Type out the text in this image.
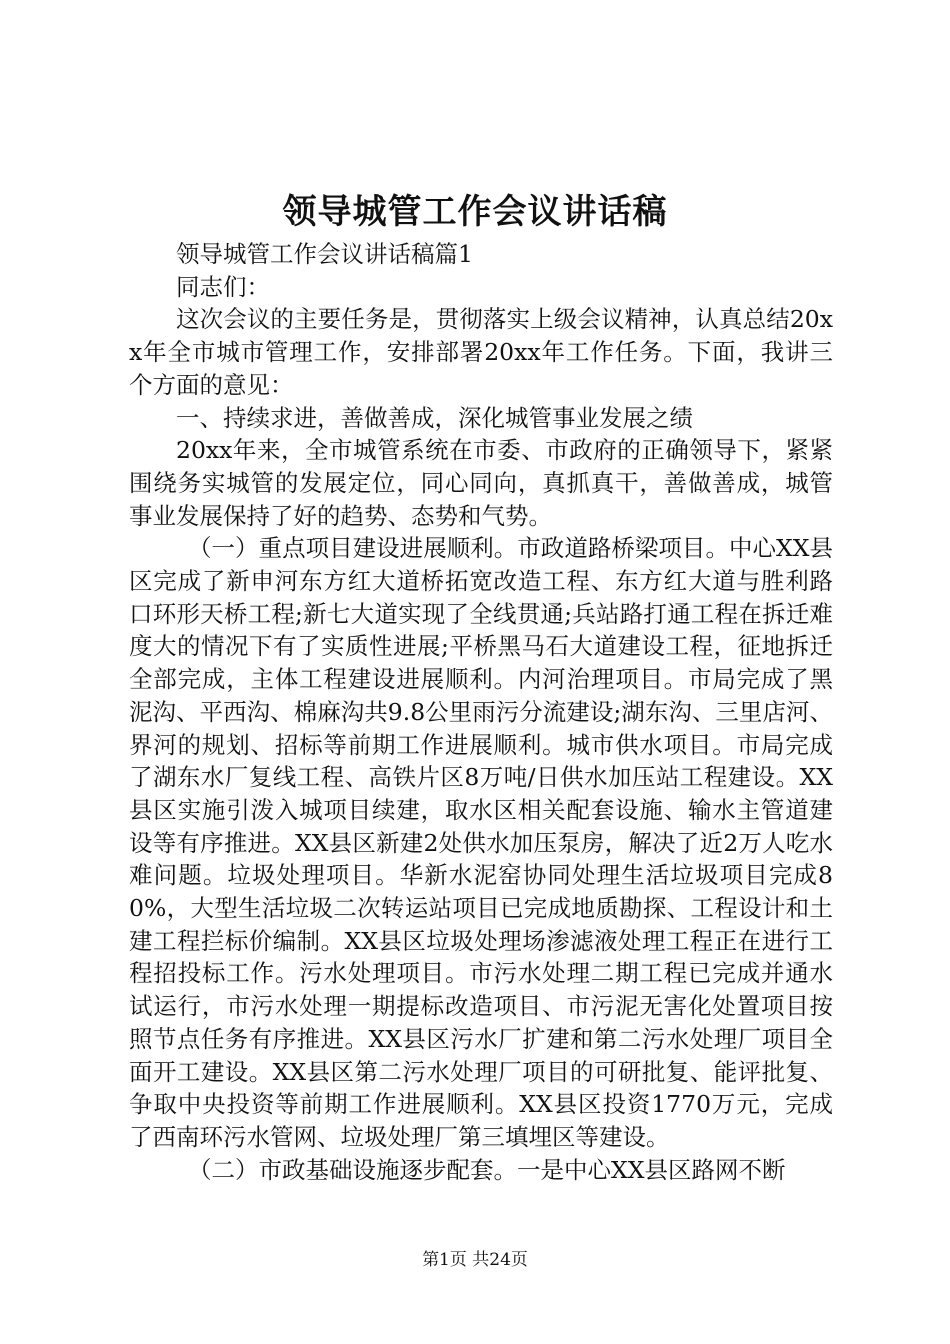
领导城管工作会议讲话稿

领导城管工作会议讲话稿篇1

同志们：

这次会议的主要任务是，贯彻落实上级会议精神，认真总结20xx年全市城市管理工作，安排部署20xx年工作任务。下面，我讲三个方面的意见：

一、持续求进，善做善成，深化城管事业发展之绩

20xx年来，全市城管系统在市委、市政府的正确领导下，紧紧围绕务实城管的发展定位，同心同向，真抓真干，善做善成，城管事业发展保持了好的趋势、态势和气势。

（一）重点项目建设进展顺利。市政道路桥梁项目。中心XX县区完成了新申河东方红大道桥拓宽改造工程、东方红大道与胜利路口环形天桥工程;新七大道实现了全线贯通;兵站路打通工程在拆迁难度大的情况下有了实质性进展;平桥黑马石大道建设工程，征地拆迁全部完成，主体工程建设进展顺利。内河治理项目。市局完成了黑泥沟、平西沟、棉麻沟共9.8公里雨污分流建设;湖东沟、三里店河、界河的规划、招标等前期工作进展顺利。城市供水项目。市局完成了湖东水厂复线工程、高铁片区8万吨/日供水加压站工程建设。XX县区实施引泼入城项目续建，取水区相关配套设施、输水主管道建设等有序推进。XX县区新建2处供水加压泵房，解决了近2万人吃水难问题。垃圾处理项目。华新水泥窑协同处理生活垃圾项目完成80%，大型生活垃圾二次转运站项目已完成地质勘探、工程设计和土建工程拦标价编制。XX县区垃圾处理场渗滤液处理工程正在进行工程招投标工作。污水处理项目。市污水处理二期工程已完成并通水试运行，市污水处理一期提标改造项目、市污泥无害化处置项目按照节点任务有序推进。XX县区污水厂扩建和第二污水处理厂项目全面开工建设。XX县区第二污水处理厂项目的可研批复、能评批复、争取中央投资等前期工作进展顺利。XX县区投资1770万元，完成了西南环污水管网、垃圾处理厂第三填埋区等建设。

（二）市政基础设施逐步配套。一是中心XX县区路网不断

第1页 共24页
